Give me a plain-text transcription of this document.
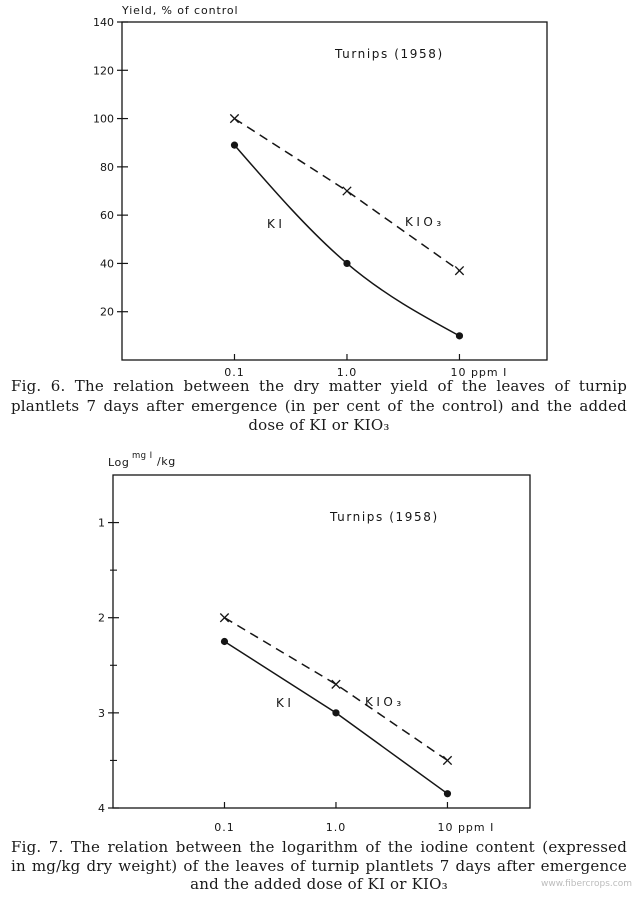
20
40
60
80
100
120
140
0.1	1.0	10 ppm I
Turnips (1958)
Yield, % of control
KI	KIO₃
1
2
3
4
0.1	1.0	10 ppm I
Turnips (1958)
Log mg I /kg
KI	KIO₃
Fig. 6. The relation between the dry matter yield of the leaves of turnip
plantlets 7 days after emergence (in per cent of the control) and the added
dose of KI or KIO₃
Fig. 7. The relation between the logarithm of the iodine content (expressed
in mg/kg dry weight) of the leaves of turnip plantlets 7 days after emergence
and the added dose of KI or KIO₃	www.fibercrops.com
